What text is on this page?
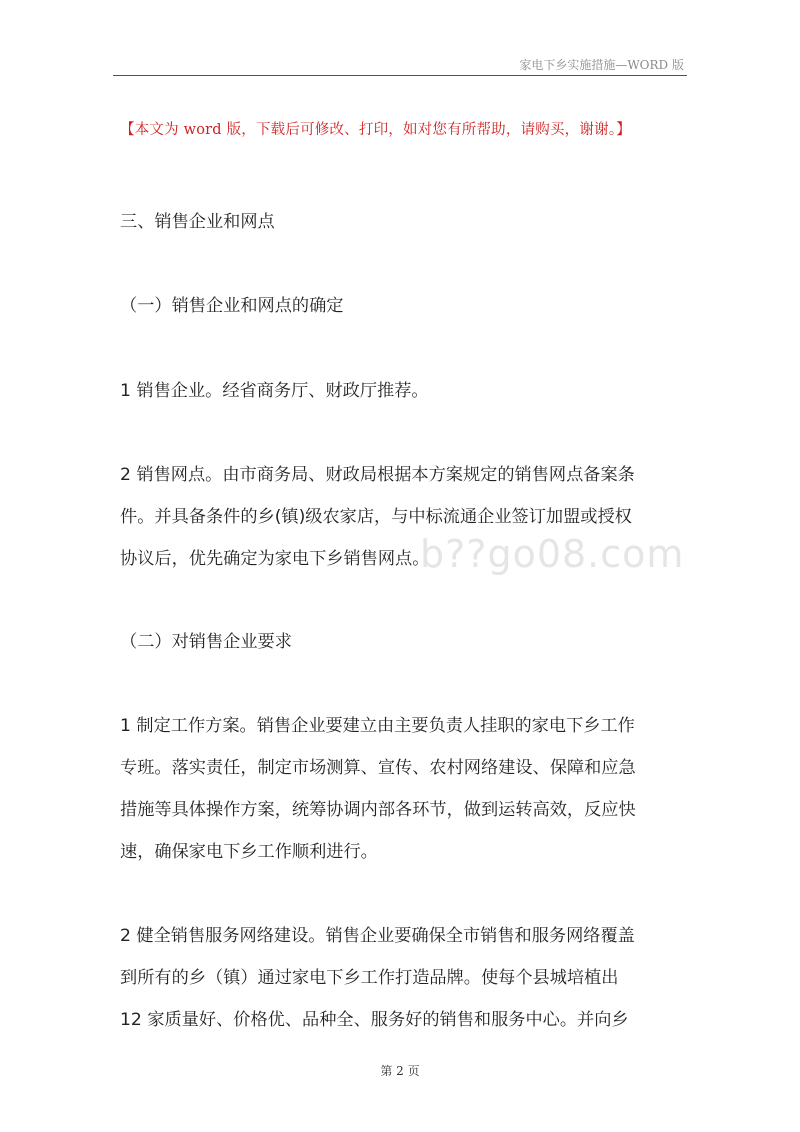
家电下乡实施措施—WORD 版
【本文为 word 版，下载后可修改、打印，如对您有所帮助，请购买，谢谢。】
三、销售企业和网点
（一）销售企业和网点的确定
1 销售企业。经省商务厅、财政厅推荐。
2 销售网点。由市商务局、财政局根据本方案规定的销售网点备案条
件。并具备条件的乡(镇)级农家店，与中标流通企业签订加盟或授权
协议后，优先确定为家电下乡销售网点。
（二）对销售企业要求
1 制定工作方案。销售企业要建立由主要负责人挂职的家电下乡工作
专班。落实责任，制定市场测算、宣传、农村网络建设、保障和应急
措施等具体操作方案，统筹协调内部各环节，做到运转高效，反应快
速，确保家电下乡工作顺利进行。
2 健全销售服务网络建设。销售企业要确保全市销售和服务网络覆盖
到所有的乡（镇）通过家电下乡工作打造品牌。使每个县城培植出
12 家质量好、价格优、品种全、服务好的销售和服务中心。并向乡
b??go08.com
第 2 页
